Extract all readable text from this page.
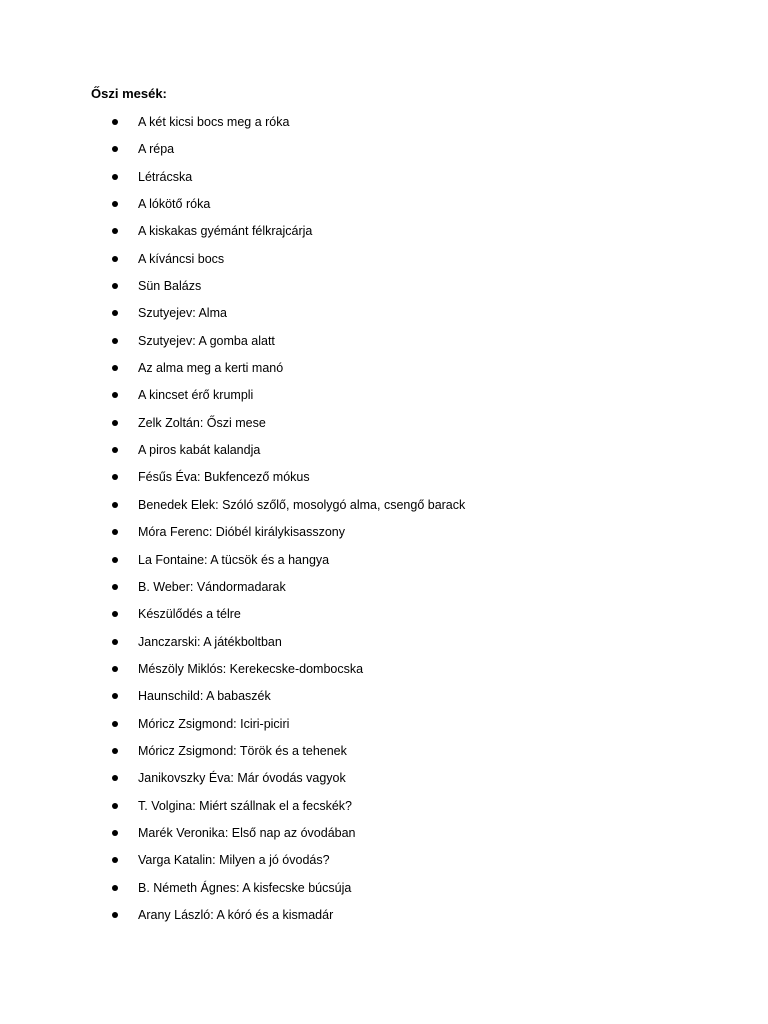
Őszi mesék:
A két kicsi bocs meg a róka
A répa
Létrácska
A lókötő róka
A kiskakas gyémánt félkrajcárja
A kíváncsi bocs
Sün Balázs
Szutyejev: Alma
Szutyejev: A gomba alatt
Az alma meg a kerti manó
A kincset érő krumpli
Zelk Zoltán: Őszi mese
A piros kabát kalandja
Fésűs Éva: Bukfencező mókus
Benedek Elek: Szóló szőlő, mosolygó alma, csengő barack
Móra Ferenc: Dióbél királykisasszony
La Fontaine: A tücsök és a hangya
B. Weber: Vándormadarak
Készülődés a télre
Janczarski: A játékboltban
Mészöly Miklós: Kerekecske-dombocska
Haunschild: A babaszék
Móricz Zsigmond: Iciri-piciri
Móricz Zsigmond: Török és a tehenek
Janikovszky Éva: Már óvodás vagyok
T. Volgina: Miért szállnak el a fecskék?
Marék Veronika: Első nap az óvodában
Varga Katalin: Milyen a jó óvodás?
B. Németh Ágnes: A kisfecske búcsúja
Arany László: A kóró és a kismadár
